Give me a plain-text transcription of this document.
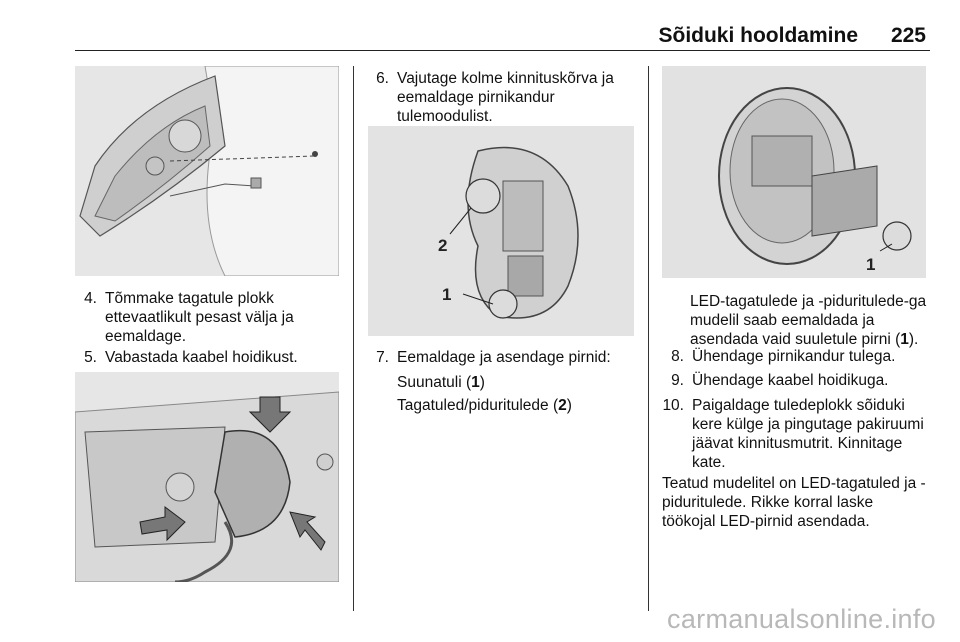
Sõiduki hooldamine 225
4. Tõmmake tagatule plokk ettevaatlikult pesast välja ja eemaldage.
5. Vabastada kaabel hoidikust.
6. Vajutage kolme kinnituskõrva ja eemaldage pirnikandur tulemoodulist.
2
1
7. Eemaldage ja asendage pirnid:
Suunatuli (1)
Tagatuled/piduritulede (2)
1
LED-tagatulede ja -piduritulede-ga mudelil saab eemaldada ja asendada vaid suuletule pirni (1).
8. Ühendage pirnikandur tulega.
9. Ühendage kaabel hoidikuga.
10. Paigaldage tuledeplokk sõiduki kere külge ja pingutage pakiruumi jäävat kinnitusmutrit. Kinnitage kate.
Teatud mudelitel on LED-tagatuled ja -piduritulede. Rikke korral laske töökojal LED-pirnid asendada.
carmanualsonline.info
